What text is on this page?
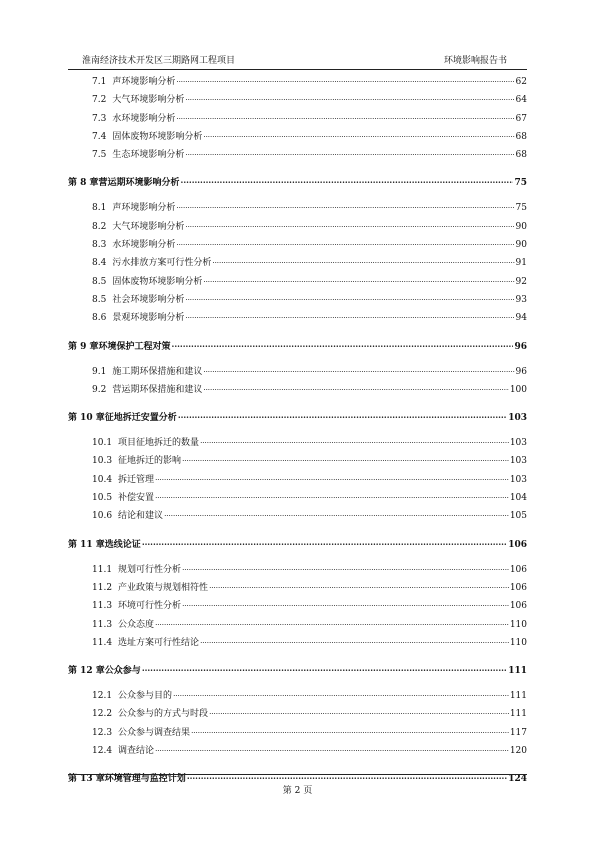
淮南经济技术开发区三期路网工程项目	环境影响报告书
7.1 声环境影响分析 .....	62
7.2 大气环境影响分析 .....	64
7.3 水环境影响分析 .....	67
7.4 固体废物环境影响分析 .....	68
7.5 生态环境影响分析 .....	68
第 8 章 营运期环境影响分析 .....	75
8.1 声环境影响分析 .....	75
8.2 大气环境影响分析 .....	90
8.3 水环境影响分析 .....	90
8.4 污水排放方案可行性分析 .....	91
8.5 固体废物环境影响分析 .....	92
8.5 社会环境影响分析 .....	93
8.6 景观环境影响分析 .....	94
第 9 章 环境保护工程对策 .....	96
9.1 施工期环保措施和建议 .....	96
9.2 营运期环保措施和建议 .....	100
第 10 章 征地拆迁安置分析 .....	103
10.1 项目征地拆迁的数量 .....	103
10.3 征地拆迁的影响 .....	103
10.4 拆迁管理 .....	103
10.5 补偿安置 .....	104
10.6 结论和建议 .....	105
第 11 章 选线论证 .....	106
11.1 规划可行性分析 .....	106
11.2 产业政策与规划相符性 .....	106
11.3 环境可行性分析 .....	106
11.3 公众态度 .....	110
11.4 选址方案可行性结论 .....	110
第 12 章 公众参与 .....	111
12.1 公众参与目的 .....	111
12.2 公众参与的方式与时段 .....	111
12.3 公众参与调查结果 .....	117
12.4 调查结论 .....	120
第 13 章 环境管理与监控计划 .....	124
第 2 页
